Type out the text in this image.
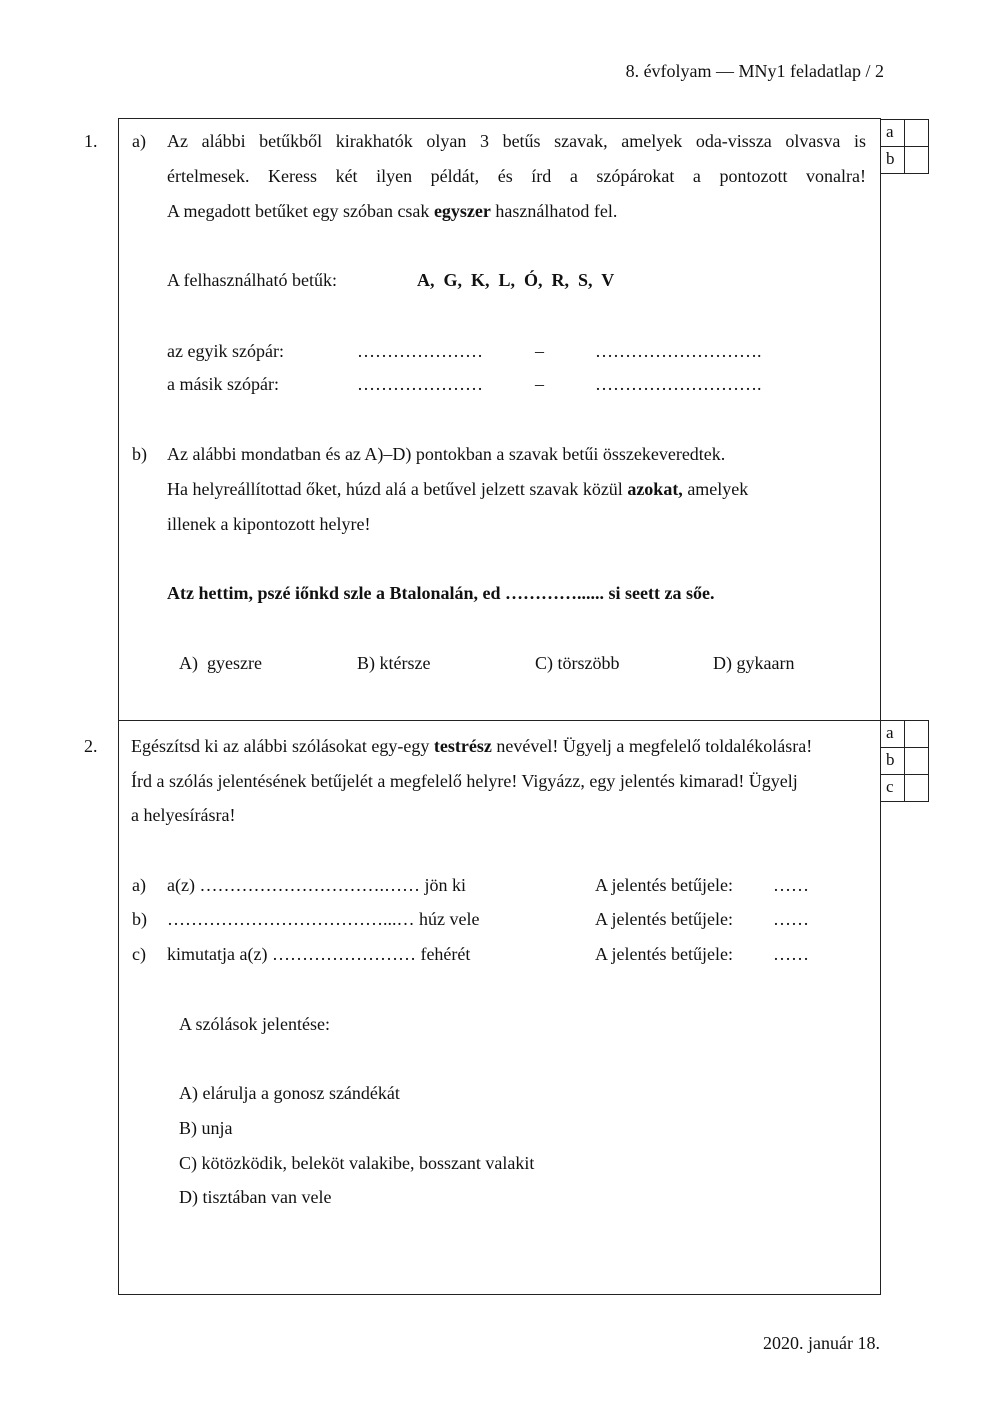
8. évfolyam — MNy1 feladatlap / 2
2020. január 18.
a
b
a
b
c
1. a) Az alábbi betűkből kirakhatók olyan 3 betűs szavak, amelyek oda-vissza olvasva is
értelmesek. Keress két ilyen példát, és írd a szópárokat a pontozott vonalra!
A megadott betűket egy szóban csak egyszer használhatod fel.
A felhasználható betűk:	A,  G,  K,  L,  Ó,  R,  S,  V
az egyik szópár:	…………………	–	……………………….
a másik szópár:	…………………	–	……………………….
b) Az alábbi mondatban és az A)–D) pontokban a szavak betűi összekeveredtek.
Ha helyreállítottad őket, húzd alá a betűvel jelzett szavak közül azokat, amelyek
illenek a kipontozott helyre!
Atz hettim, pszé iőnkd szle a Btalonalán, ed …………...... si seett za sőe.
A)  gyeszre	B) ktérsze	C) törszöbb	D) gykaarn
2. Egészítsd ki az alábbi szólásokat egy-egy testrész nevével! Ügyelj a megfelelő toldalékolásra!
Írd a szólás jelentésének betűjelét a megfelelő helyre! Vigyázz, egy jelentés kimarad! Ügyelj
a helyesírásra!
a) a(z) ………………………….…… jön ki	A jelentés betűjele: ……
b) ………………………………...… húz vele	A jelentés betűjele: ……
c) kimutatja a(z) …………………… fehérét	A jelentés betűjele: ……
A szólások jelentése:
A) elárulja a gonosz szándékát
B) unja
C) kötözködik, beleköt valakibe, bosszant valakit
D) tisztában van vele
